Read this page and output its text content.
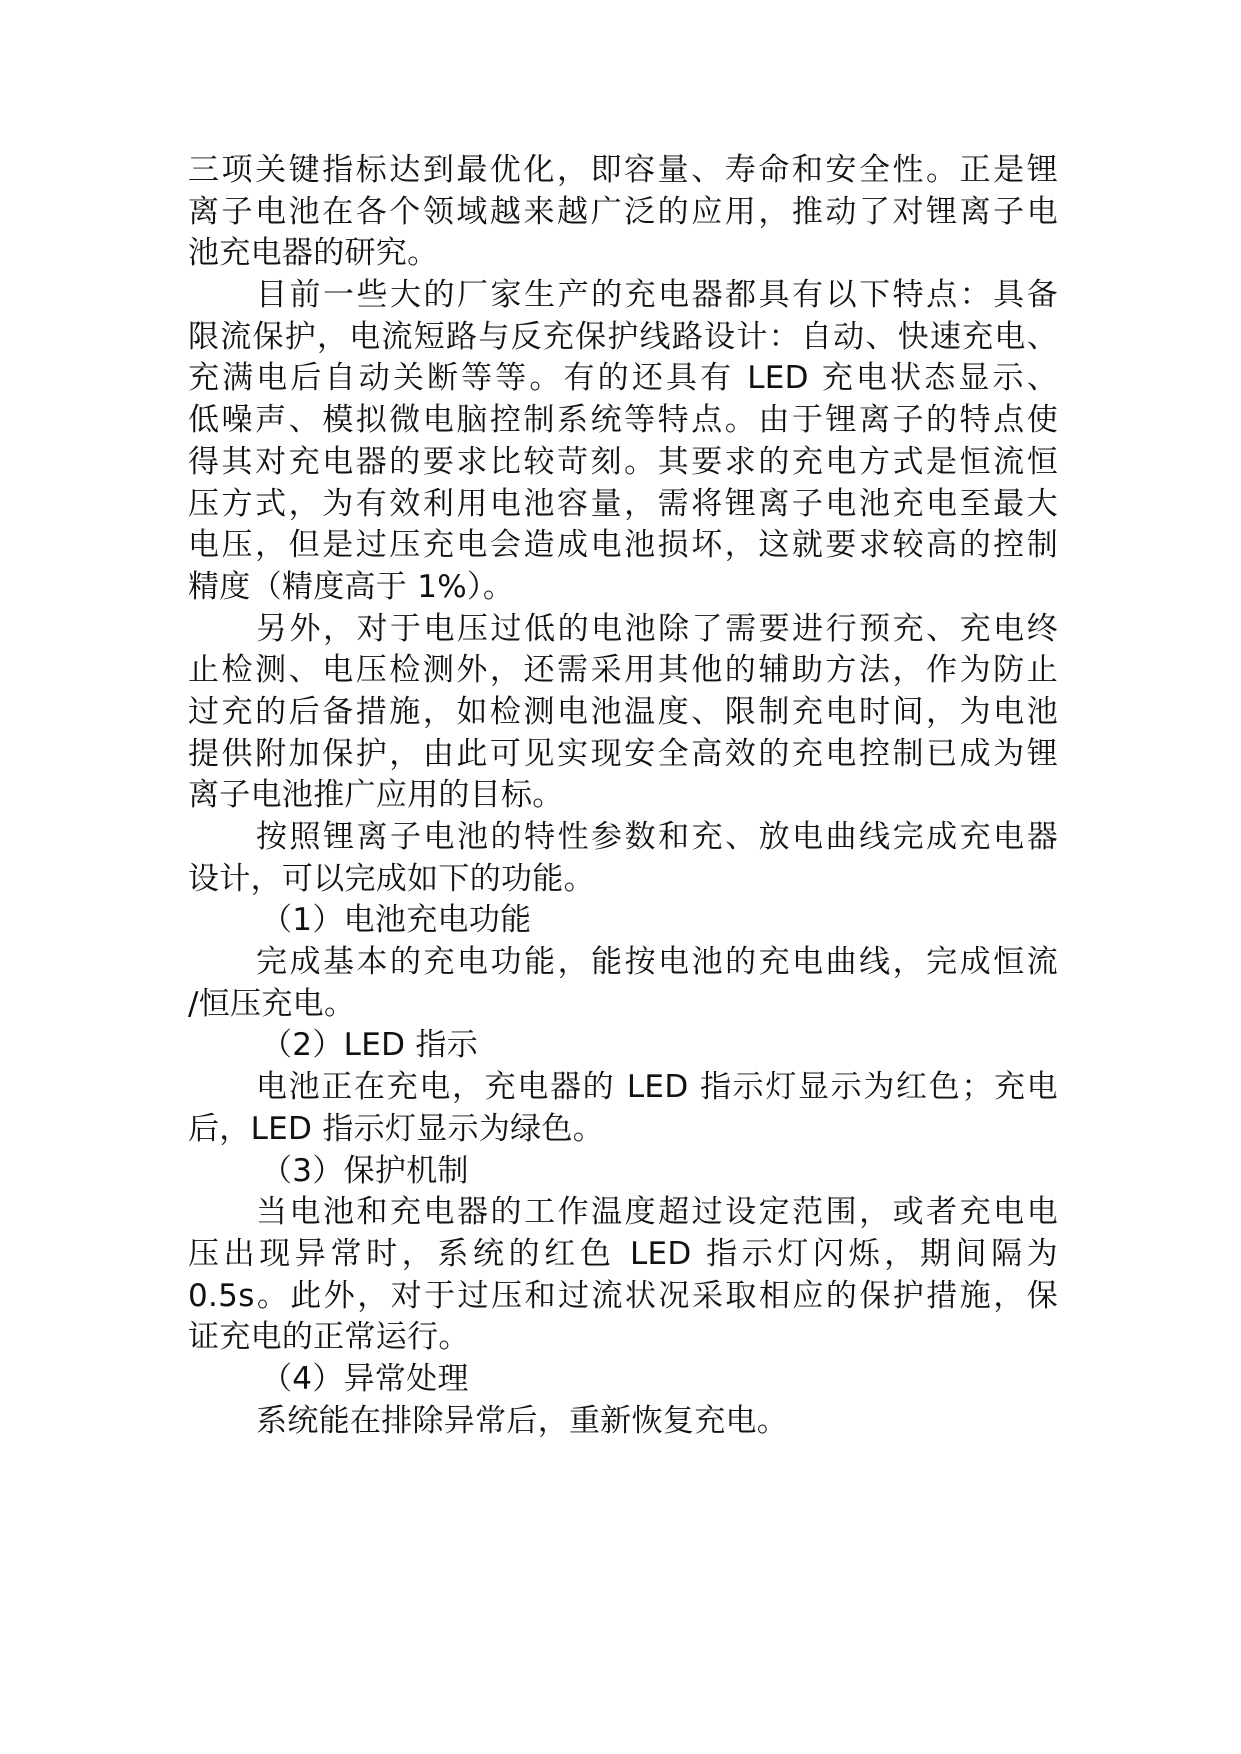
三项关键指标达到最优化，即容量、寿命和安全性。正是锂
离子电池在各个领域越来越广泛的应用，推动了对锂离子电
池充电器的研究。
目前一些大的厂家生产的充电器都具有以下特点：具备
限流保护，电流短路与反充保护线路设计：自动、快速充电、
充满电后自动关断等等。有的还具有 LED 充电状态显示、
低噪声、模拟微电脑控制系统等特点。由于锂离子的特点使
得其对充电器的要求比较苛刻。其要求的充电方式是恒流恒
压方式，为有效利用电池容量，需将锂离子电池充电至最大
电压，但是过压充电会造成电池损坏，这就要求较高的控制
精度（精度高于 1%）。
另外，对于电压过低的电池除了需要进行预充、充电终
止检测、电压检测外，还需采用其他的辅助方法，作为防止
过充的后备措施，如检测电池温度、限制充电时间，为电池
提供附加保护，由此可见实现安全高效的充电控制已成为锂
离子电池推广应用的目标。
按照锂离子电池的特性参数和充、放电曲线完成充电器
设计，可以完成如下的功能。
（1）电池充电功能
完成基本的充电功能，能按电池的充电曲线，完成恒流
/恒压充电。
（2）LED 指示
电池正在充电，充电器的 LED 指示灯显示为红色；充电
后，LED 指示灯显示为绿色。
（3）保护机制
当电池和充电器的工作温度超过设定范围，或者充电电
压出现异常时，系统的红色 LED 指示灯闪烁，期间隔为
0.5s。此外，对于过压和过流状况采取相应的保护措施，保
证充电的正常运行。
（4）异常处理
系统能在排除异常后，重新恢复充电。
